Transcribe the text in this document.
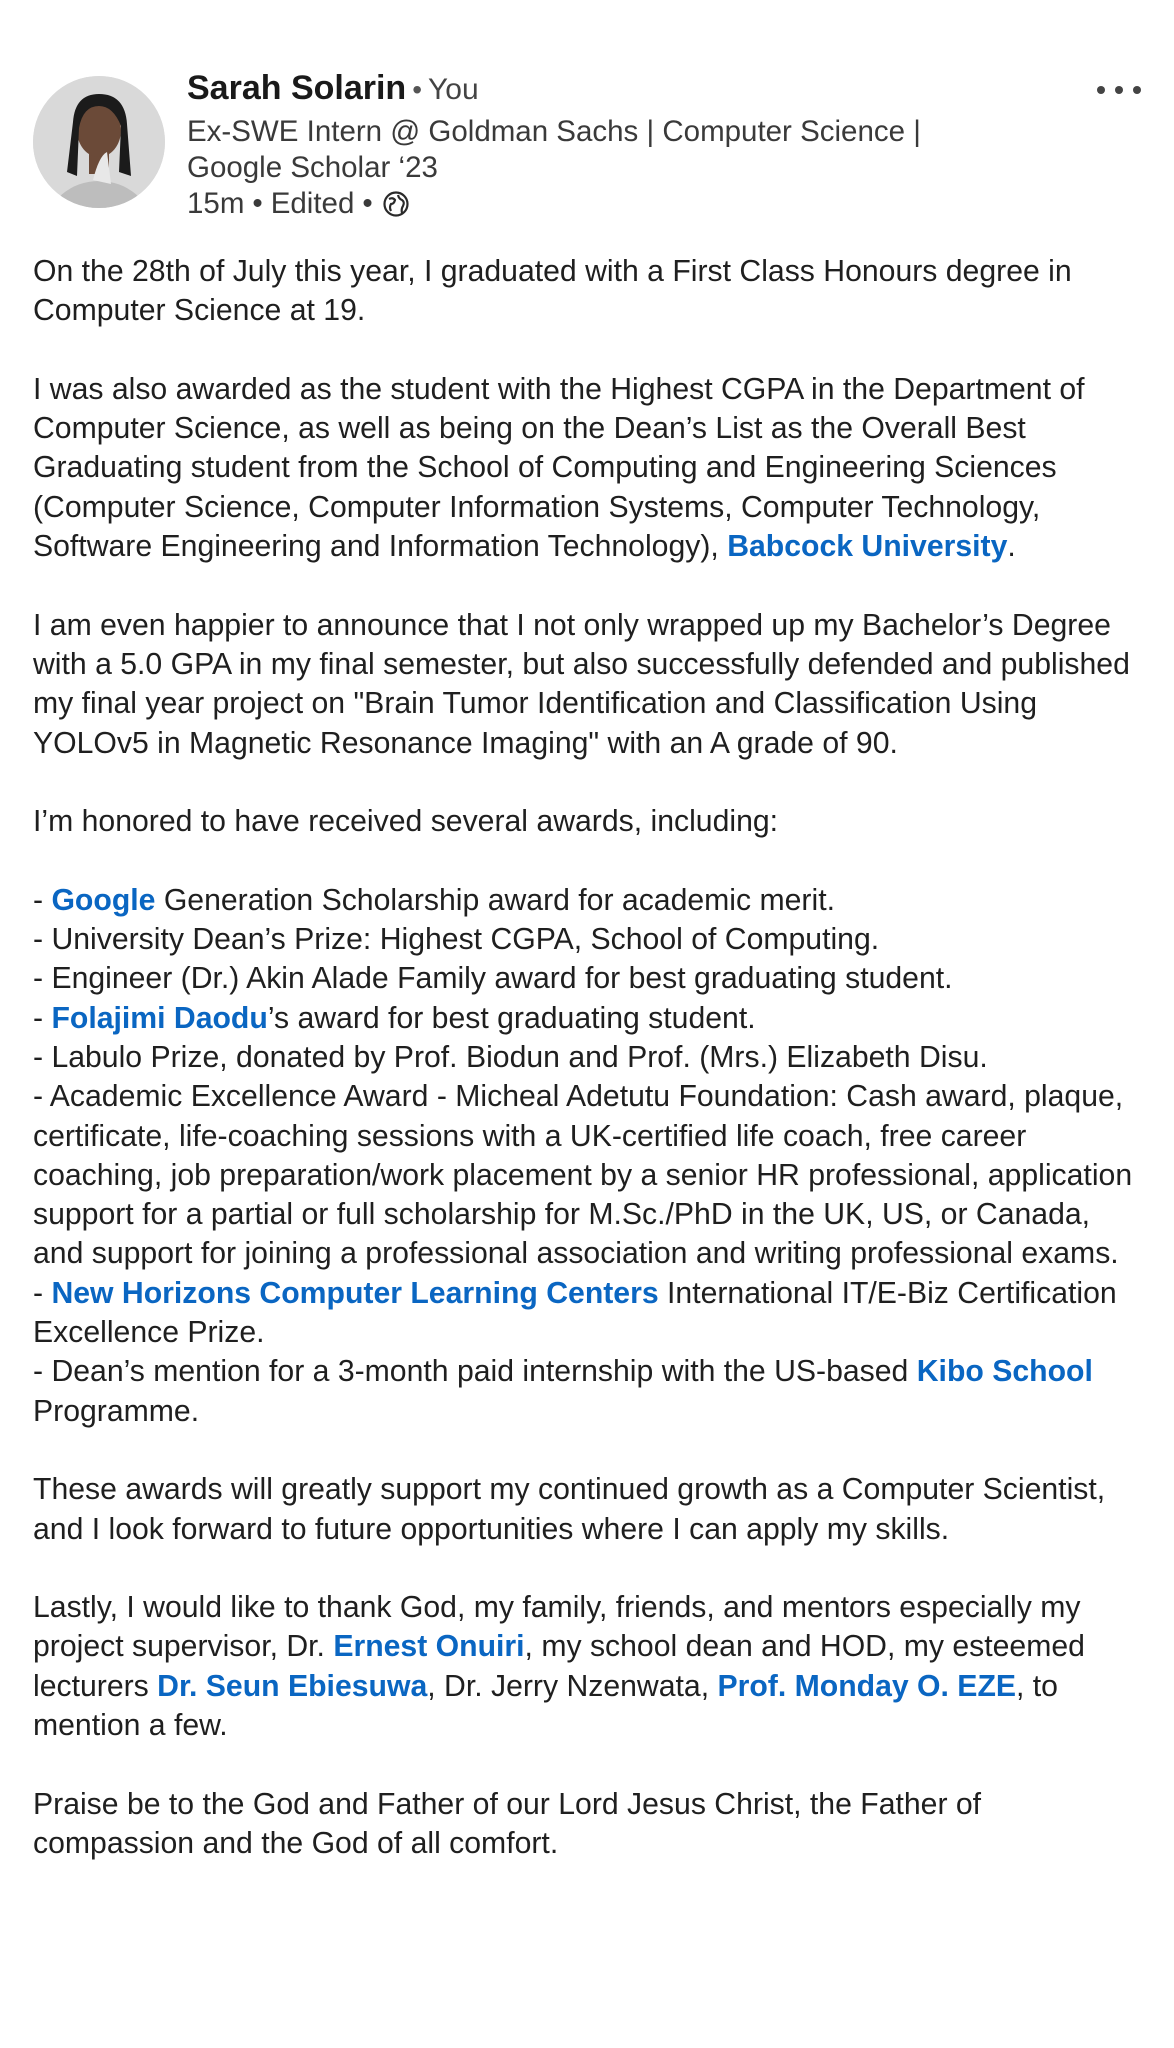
Sarah Solarin • You
Ex-SWE Intern @ Goldman Sachs | Computer Science | Google Scholar ‘23
15m • Edited •

On the 28th of July this year, I graduated with a First Class Honours degree in Computer Science at 19.

I was also awarded as the student with the Highest CGPA in the Department of Computer Science, as well as being on the Dean’s List as the Overall Best Graduating student from the School of Computing and Engineering Sciences (Computer Science, Computer Information Systems, Computer Technology, Software Engineering and Information Technology), Babcock University.

I am even happier to announce that I not only wrapped up my Bachelor’s Degree with a 5.0 GPA in my final semester, but also successfully defended and published my final year project on "Brain Tumor Identification and Classification Using YOLOv5 in Magnetic Resonance Imaging" with an A grade of 90.

I’m honored to have received several awards, including:

- Google Generation Scholarship award for academic merit.
- University Dean’s Prize: Highest CGPA, School of Computing.
- Engineer (Dr.) Akin Alade Family award for best graduating student.
- Folajimi Daodu’s award for best graduating student.
- Labulo Prize, donated by Prof. Biodun and Prof. (Mrs.) Elizabeth Disu.
- Academic Excellence Award - Micheal Adetutu Foundation: Cash award, plaque, certificate, life-coaching sessions with a UK-certified life coach, free career coaching, job preparation/work placement by a senior HR professional, application support for a partial or full scholarship for M.Sc./PhD in the UK, US, or Canada, and support for joining a professional association and writing professional exams.
- New Horizons Computer Learning Centers International IT/E-Biz Certification Excellence Prize.
- Dean’s mention for a 3-month paid internship with the US-based Kibo School Programme.

These awards will greatly support my continued growth as a Computer Scientist, and I look forward to future opportunities where I can apply my skills.

Lastly, I would like to thank God, my family, friends, and mentors especially my project supervisor, Dr. Ernest Onuiri, my school dean and HOD, my esteemed lecturers Dr. Seun Ebiesuwa, Dr. Jerry Nzenwata, Prof. Monday O. EZE, to mention a few.

Praise be to the God and Father of our Lord Jesus Christ, the Father of compassion and the God of all comfort.
